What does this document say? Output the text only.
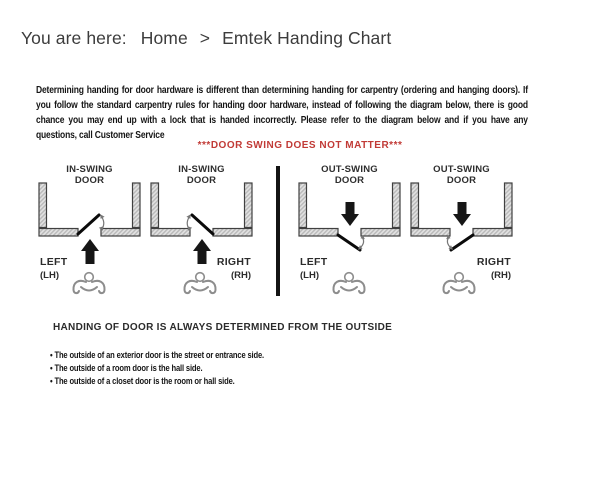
You are here: Home > Emtek Handing Chart
Determining handing for door hardware is different than determining handing for carpentry (ordering and hanging doors). If you follow the standard carpentry rules for handing door hardware, instead of following the diagram below, there is good chance you may end up with a lock that is handed incorrectly. Please refer to the diagram below and if you have any questions, call Customer Service
***DOOR SWING DOES NOT MATTER***
IN-SWING
DOOR
LEFT
(LH)
IN-SWING
DOOR
RIGHT
(RH)
OUT-SWING
DOOR
LEFT
(LH)
OUT-SWING
DOOR
RIGHT
(RH)
HANDING OF DOOR IS ALWAYS DETERMINED FROM THE OUTSIDE
• The outside of an exterior door is the street or entrance side.
• The outside of a room door is the hall side.
• The outside of a closet door is the room or hall side.
